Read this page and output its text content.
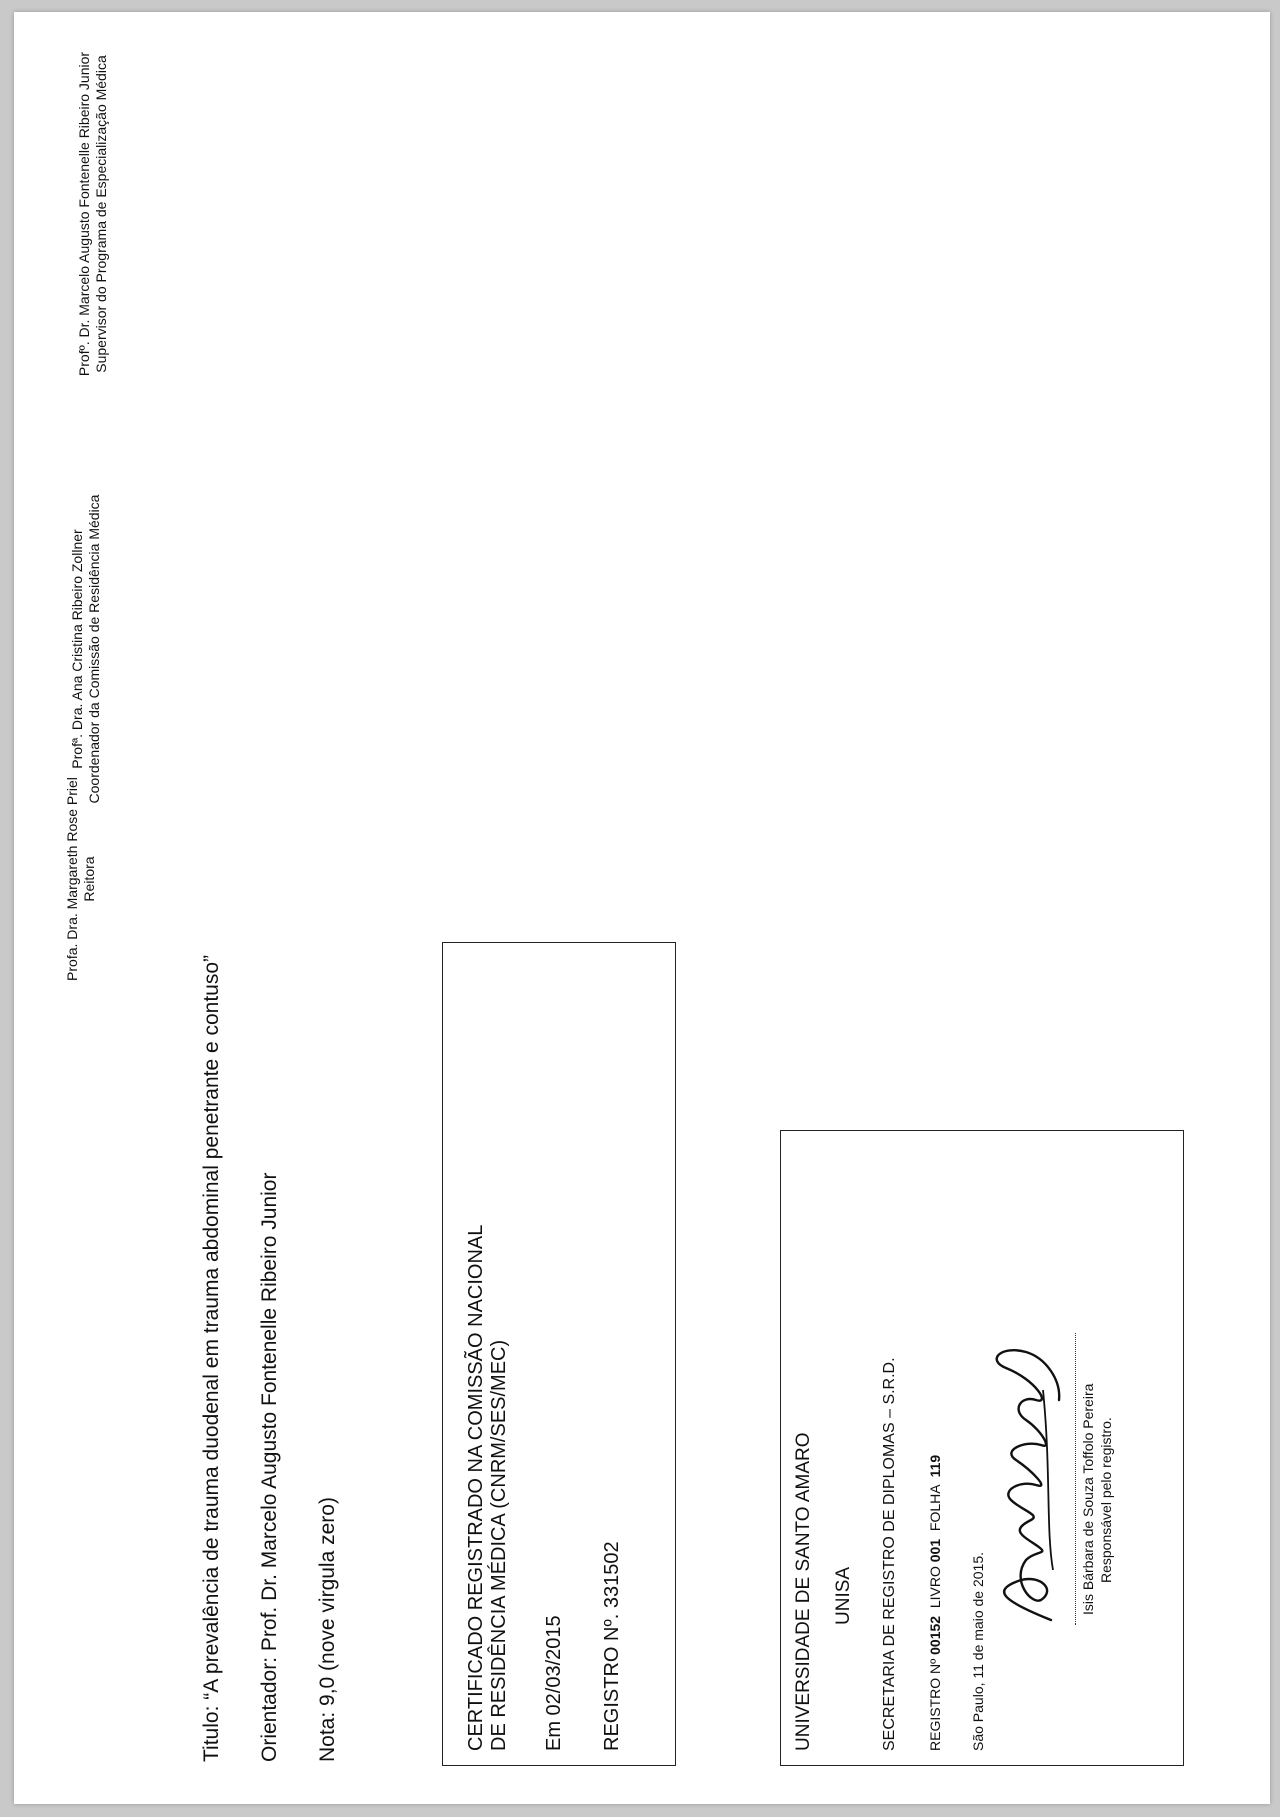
Profa. Dra. Margareth Rose Priel Reitora
Profª. Dra. Ana Cristina Ribeiro Zollner Coordenador da Comissão de Residência Médica
Profº. Dr. Marcelo Augusto Fontenelle Ribeiro Junior Supervisor do Programa de Especialização Médica
Titulo: “A prevalência de trauma duodenal em trauma abdominal penetrante e contuso” Orientador: Prof. Dr. Marcelo Augusto Fontenelle Ribeiro Junior Nota: 9,0 (nove virgula zero)	CERTIFICADO REGISTRADO NA COMISSÃO NACIONAL DE RESIDÊNCIA MÉDICA (CNRM/SES/MEC) Em 02/03/2015 REGISTRO Nº. 331502	UNIVERSIDADE DE SANTO AMARO UNISA SECRETARIA DE REGISTRO DE DIPLOMAS – S.R.D. REGISTRO Nº 00152  LIVRO 001  FOLHA  119
São Paulo, 11 de maio de 2015.
Isis Bárbara de Souza Toffolo Pereira Responsável pelo registro.
